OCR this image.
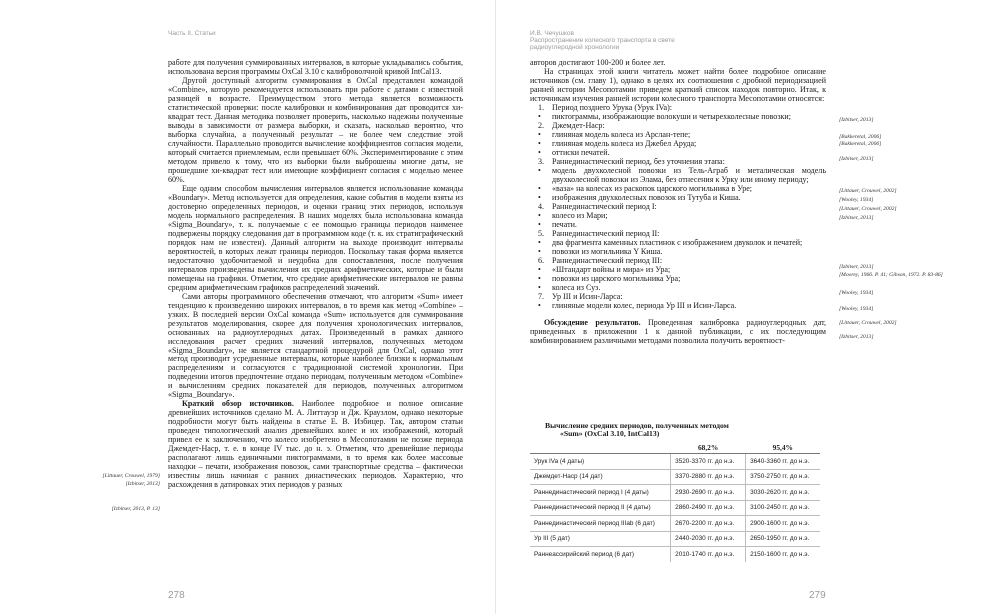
Часть II. Статьи

работе для получения суммированных интервалов, в которые укладывались события, использована версия программы OxCal 3.10 с калиброволчной кривой IntCal13.

Другой доступный алгоритм суммирования в OxCal представлен командой «Combine», которую рекомендуется использовать при работе с датами с известной разницей в возрасте. Преимуществом этого метода является возможность статистической проверки: после калибровки и комбинирования дат проводится хи-квадрат тест. Данная методика позволяет проверить, насколько надежны полученные выводы в зависимости от размера выборки, и сказать, насколько вероятно, что выборка случайна, а полученный результат – не более чем следствие этой случайности. Параллельно проводится вычисление коэффициентов согласия модели, который считается приемлемым, если превышает 60%. Экспериментирование с этим методом привело к тому, что из выборки были выброшены многие даты, не прошедшие хи-квадрат тест или имеющие коэффициент согласия с моделью менее 60%.

Еще одним способом вычисления интервалов является использование команды «Boundary». Метод используется для определения, какие события в модели взяты из достоверно определенных периодов, и оценки границ этих периодов, используя модель нормального распределения. В наших моделях была использована команда «Sigma_Boundary», т. к. получаемые с ее помощью границы периодов наименее подвержены порядку следования дат в программном коде (т. к. их стратиграфический порядок нам не известен). Данный алгоритм на выходе производит интервалы вероятностей, в которых лежат границы периодов. Поскольку такая форма является недостаточно удобочитаемой и неудобна для сопоставления, после получения интервалов произведены вычисления их средних арифметических, которые и были помещены на графики. Отметим, что средние арифметические интервалов не равны средним арифметическим графиков распределений значений.

Сами авторы программного обеспечения отмечают, что алгоритм «Sum» имеет тенденцию к произведению широких интервалов, в то время как метод «Combine» – узких. В последней версии OxCal команда «Sum» используется для суммирования результатов моделирования, скорее для получения хронологических интервалов, основанных на радиоуглеродных датах. Произведенный в рамках данного исследования расчет средних значений интервалов, полученных методом «Sigma_Boundary», не является стандартной процедурой для OxCal, однако этот метод производит усредненные интервалы, которые наиболее близки к нормальным распределениям и согласуются с традиционной системой хронологии. При подведении итогов предпочтение отдано периодам, полученным методом «Combine» и вычислениям средних показателей для периодов, полученных алгоритмом «Sigma_Boundary».

Краткий обзор источников. Наиболее подробное и полное описание древнейших источников сделано М. А. Литтауэр и Дж. Краузлом, однако некоторые подробности могут быть найдены в статье Е. В. Избицер. Так, автором статьи проведен типологический анализ древнейших колес и их изображений, который привел ее к заключению, что колесо изобретено в Месопотамии не позже периода Джемдет-Наср, т. е. в конце IV тыс. до н. э. Отметим, что древнейшие периоды располагают лишь единичными пиктограммами, в то время как более массовые находки – печати, изображения повозок, сами транспортные средства – фактически известны лишь начиная с ранних династических периодов. Характерно, что расхождения в датировках этих периодов у разных

[Littauer, Crouwel, 1979]
[Izbitser, 2013]
[Izbitser, 2013, P. 13]
278
И.В. Чечушков
Распространение колесного транспорта в свете
радиоуглеродной хронологии

авторов достигают 100-200 и более лет.

На страницах этой книги читатель может найти более подробное описание источников (см. главу 1), однако в целях их соотношения с дробной периодизацией ранней истории Месопотамии приведем краткий список находок повторно. Итак, к источникам изучения ранней истории колесного транспорта Месопотамии относятся:

1. Период позднего Урука (Урук IVa):
• пиктограммы, изображающие волокуши и четырехколесные повозки;
2. Джемдет-Наср:
• глиняная модель колеса из Арслан-тепе;
• глиняная модель колеса из Джебел Аруда;
• оттиски печатей.
3. Раннединастический период, без уточнения этапа:
• модель двухколесной повозки из Тель-Аграб и металическая модель двухколесной повозки из Элама, без отнесения к Урку или иному периоду;
• «ваза» на колесах из раскопок царского могильника в Уре;
• изображения двухколесных повозок из Тутуба и Киша.
4. Раннединастический период I:
• колесо из Мари;
• печати.
5. Раннединастический период II:
• два фрагмента каменных пластинок с изображением двуколок и печатей;
• повозки из могильника Y Киша.
6. Раннединастический период III:
• «Штандарт войны и мира» из Ура;
• повозки из царского могильника Ура;
• колеса из Суз.
7. Ур III и Исин-Ларса:
• глиняные модели колес, периода Ур III и Исин-Ларса.

Обсуждение результатов. Проведенная калибровка радиоуглеродных дат, приведенных в приложении 1 к данной публикации, с их последующим комбинированием различными методами позволила получить вероятност-

[Izbitser, 2013]
[Bakkeretal, 2006]
[Bakkeretal, 2006]
[Izbitser, 2013]
[Littauer, Crouwel, 2002]
[Wooley, 1934]
[Littauer, Crouwel, 2002]
[Izbitser, 2013]
[Izbitser, 2013]
[Moorey, 1966. P. 41; Gibson, 1972. P. 83-86]
[Wooley, 1934]
[Wooley, 1934]
[Littauer, Crouwel, 2002]
[Izbitser, 2013]
Вычисление средних периодов, полученных методом
«Sum» (OxCal 3.10, IntCal13)
	68,2%	95,4%
Урук IVa (4 даты)	3520-3370 гг. до н.э.	3640-3360 гг. до н.э.
Джемдет-Наср (14 дат)	3370-2880 гг. до н.э.	3750-2750 гг. до н.э.
Раннединастический период I (4 даты)	2930-2690 гг. до н.э.	3030-2620 гг. до н.э.
Раннединастический период II (4 даты)	2860-2490 гг. до н.э.	3100-2450 гг. до н.э.
Раннединастический период IIIab (6 дат)	2670-2200 гг. до н.э.	2900-1600 гг. до н.э.
Ур III (5 дат)	2440-2030 гг. до н.э.	2650-1950 гг. до н.э.
Раннеассирийский период (6 дат)	2010-1740 гг. до н.э.	2150-1600 гг. до н.э.
279
